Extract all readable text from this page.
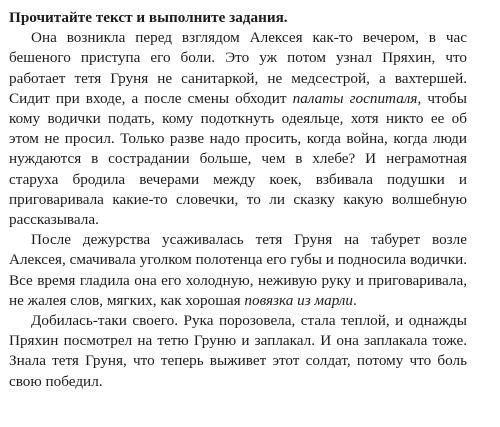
Прочитайте текст и выполните задания.

Она возникла перед взглядом Алексея как-то вечером, в час бешеного приступа его боли. Это уж потом узнал Пряхин, что работает тетя Груня не санитаркой, не медсестрой, а вахтершей. Сидит при входе, а после смены обходит палаты госпиталя, чтобы кому водички подать, кому подоткнуть одеяльце, хотя никто ее об этом не просил. Только разве надо просить, когда война, когда люди нуждаются в сострадании больше, чем в хлебе? И неграмотная старуха бродила вечерами между коек, взбивала подушки и приговаривала какие-то словечки, то ли сказку какую волшебную рассказывала.

После дежурства усаживалась тетя Груня на табурет возле Алексея, смачивала уголком полотенца его губы и подносила водички. Все время гладила она его холодную, неживую руку и приговаривала, не жалея слов, мягких, как хорошая повязка из марли.

Добилась-таки своего. Рука порозовела, стала теплой, и однажды Пряхин посмотрел на тетю Груню и заплакал. И она заплакала тоже. Знала тетя Груня, что теперь выживет этот солдат, потому что боль свою победил.
